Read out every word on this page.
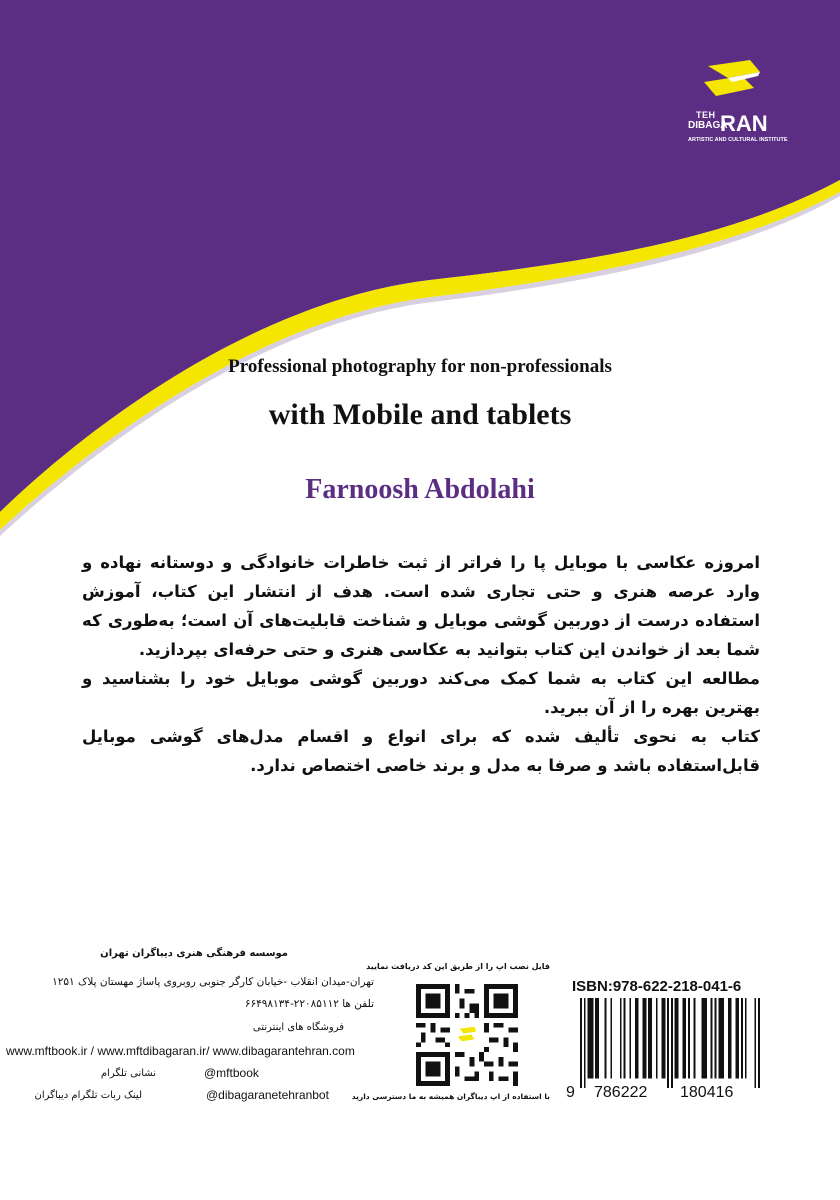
TEH
DIBAGA
RAN
ARTISTIC AND CULTURAL INSTITUTE
Professional photography for non-professionals
with Mobile and tablets
Farnoosh Abdolahi

امروزه عکاسی با موبایل پا را فراتر از ثبت خاطرات خانوادگی و دوستانه نهاده و وارد عرصه هنری و حتی تجاری شده است. هدف از انتشار این کتاب، آموزش استفاده درست از دوربین گوشی موبایل و شناخت قابلیت‌های آن است؛ به‌طوری که شما بعد از خواندن این کتاب بتوانید به عکاسی هنری و حتی حرفه‌ای بپردازید.

مطالعه این کتاب به شما کمک می‌کند دوربین گوشی موبایل خود را بشناسید و بهترین بهره را از آن ببرید.

کتاب به نحوی تألیف شده که برای انواع و اقسام مدل‌های گوشی موبایل قابل‌استفاده باشد و صرفا به مدل و برند خاصی اختصاص ندارد.

موسسه فرهنگی هنری دیباگران تهران
تهران-میدان انقلاب -خیابان کارگر جنوبی روبروی پاساژ مهستان پلاک ۱۲۵۱
تلفن ها ۲۲۰۸۵۱۱۲-۶۶۴۹۸۱۳۴
فروشگاه های اینترنتی
www.mftbook.ir / www.mftdibagaran.ir/ www.dibagarantehran.com
@mftbook
نشانی تلگرام
@dibagaranetehranbot
لینک ربات تلگرام دیباگران
فایل نصب اپ را از طریق این کد دریافت نمایید
با استفاده از اپ دیباگران همیشه به ما دسترسی دارید
ISBN:978-622-218-041-6
9 786222 180416
